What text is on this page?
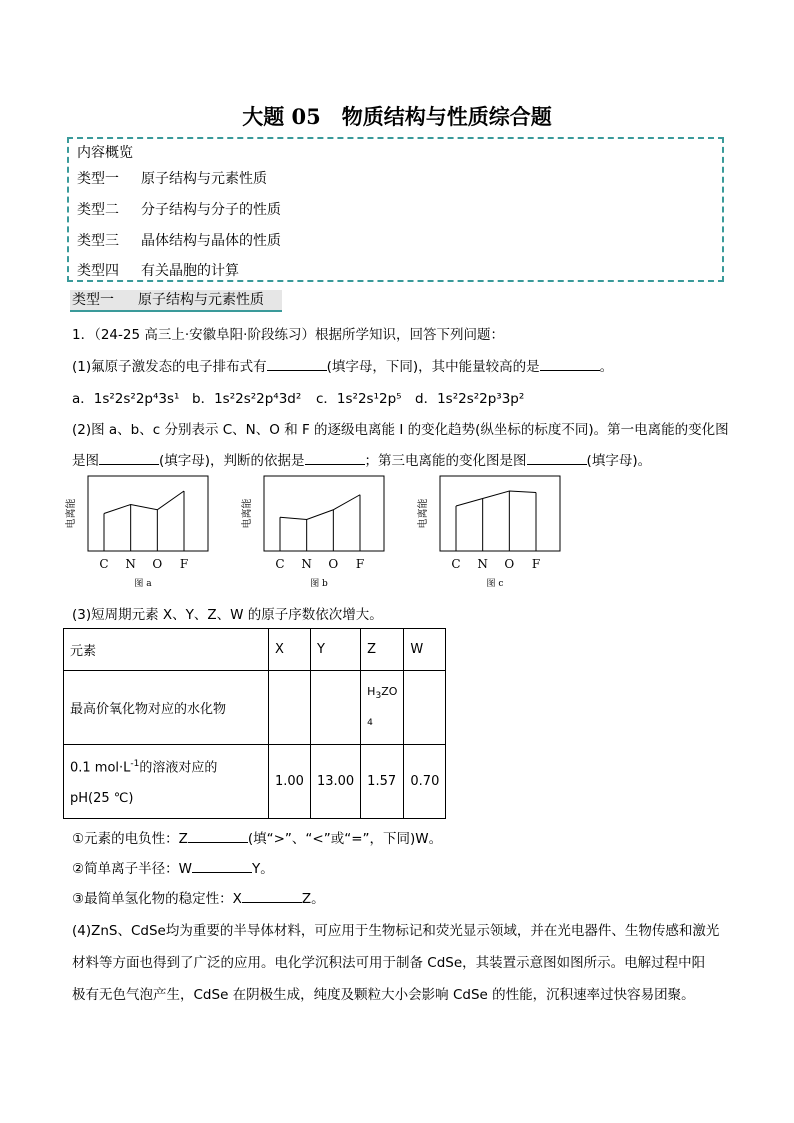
大题 05　物质结构与性质综合题
内容概览
类型一 原子结构与元素性质
类型二 分子结构与分子的性质
类型三 晶体结构与晶体的性质
类型四 有关晶胞的计算
类型一 原子结构与元素性质
1．（24-25 高三上·安徽阜阳·阶段练习）根据所学知识，回答下列问题：
(1)氟原子激发态的电子排布式有	(填字母，下同)，其中能量较高的是	。
a．1s²2s²2p⁴3s¹ b．1s²2s²2p⁴3d² c．1s²2s¹2p⁵ d．1s²2s²2p³3p²
(2)图 a、b、c 分别表示 C、N、O 和 F 的逐级电离能 I 的变化趋势(纵坐标的标度不同)。第一电离能的变化图
是图	(填字母)，判断的依据是	；第三电离能的变化图是图	(填字母)。
电离能
C N O F
图 a
电离能
C N O F
图 b
电离能
C N O F
图 c
(3)短周期元素 X、Y、Z、W 的原子序数依次增大。
元素	X	Y	Z	W
最高价氧化物对应的水化物			$H_3ZO$
$_4$	
0.1 $mol\cdot L^{-1}$的溶液对应的
pH(25 ℃)	1.00	13.00	1.57	0.70
①元素的电负性：Z	(填“>”、“<”或“=”，下同)W。
②简单离子半径：W	Y。
③最简单氢化物的稳定性：X	Z。
(4)ZnS、CdSe均为重要的半导体材料，可应用于生物标记和荧光显示领域，并在光电器件、生物传感和激光
材料等方面也得到了广泛的应用。电化学沉积法可用于制备 CdSe，其装置示意图如图所示。电解过程中阳
极有无色气泡产生，CdSe 在阴极生成，纯度及颗粒大小会影响 CdSe 的性能，沉积速率过快容易团聚。
